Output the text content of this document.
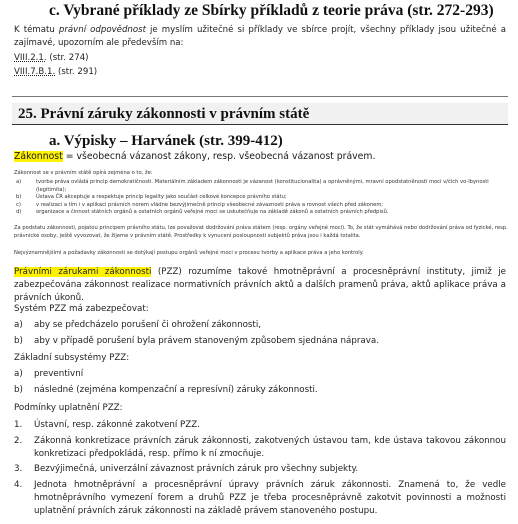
c. Vybrané příklady ze Sbírky příkladů z teorie práva (str. 272-293)

K tématu právní odpovědnost je myslím užitečné si příklady ve sbírce projít, všechny příklady jsou užitečné a zajímavé, upozorním ale především na:

VIII.2.1. (str. 274)
VIII.7.B.1. (str. 291)
25. Právní záruky zákonnosti v právním státě
a. Výpisky – Harvánek (str. 399-412)

Zákonnost = všeobecná vázanost zákony, resp. všeobecná vázanost právem.

Zákonnost se v právním státě opírá zejména o to, že:

a)	tvorba práva ovládá princip demokratičnosti. Materiálním základem zákonnosti je vázanost (konstitucionalita) a oprávněnými, mravní opodstatněností moci v/čích vo-lbynosti (legitimita);
b)	Ústava ČR akceptuje a respektuje princip legality jako součást celkové koncepce právního státu;
c)	v realizaci a tím i v aplikaci právních norem vládne bezvýjimečně princip všeobecné závaznosti práva a rovnost všech před zákonem;
d)	organizace a činnost státních orgánů a ostatních orgánů veřejné moci se uskutečňuje na základě zákonů a ostatních právních předpisů.

Za podstatu zákonnosti, pojatou principem právního státu, lze považovat dodržování práva státem (resp. orgány veřejné moci). To, že stát vymáhává nebo dodržování práva od fyzické, resp. právnické osoby, ještě vyvozovat, že žijeme v právním státě. Prostředky k vynucení posloupnosti subjektů práva jsou i každá totalita.

Nejvýznamnějšími a požadavky zákonnosti se dotýkají postupu orgánů veřejné moci v procesu tvorby a aplikace práva a jeho kontroly.

Právními zárukami zákonnosti (PZZ) rozumíme takové hmotněprávní a procesněprávní instituty, jimiž je zabezpečována zákonnost realizace normativních právních aktů a dalších pramenů práva, aktů aplikace práva a právních úkonů.

Systém PZZ má zabezpečovat:

a) aby se předcházelo porušení či ohrožení zákonnosti,
b) aby v případě porušení byla právem stanoveným způsobem sjednána náprava.

Základní subsystémy PZZ:

a) preventivní
b) následné (zejména kompenzační a represívní) záruky zákonnosti.

Podmínky uplatnění PZZ:

1. Ústavní, resp. zákonné zakotvení PZZ.
2. Zákonná konkretizace právních záruk zákonnosti, zakotvených ústavou tam, kde ústava takovou zákonnou konkretizaci předpokládá, resp. přímo k ní zmocňuje.
3. Bezvýjimečná, univerzální závaznost právních záruk pro všechny subjekty.
4. Jednota hmotněprávní a procesněprávní úpravy právních záruk zákonnosti. Znamená to, že vedle hmotněprávního vymezení forem a druhů PZZ je třeba procesněprávně zakotvit povinnosti a možnosti uplatnění právních záruk zákonnosti na základě právem stanoveného postupu.
